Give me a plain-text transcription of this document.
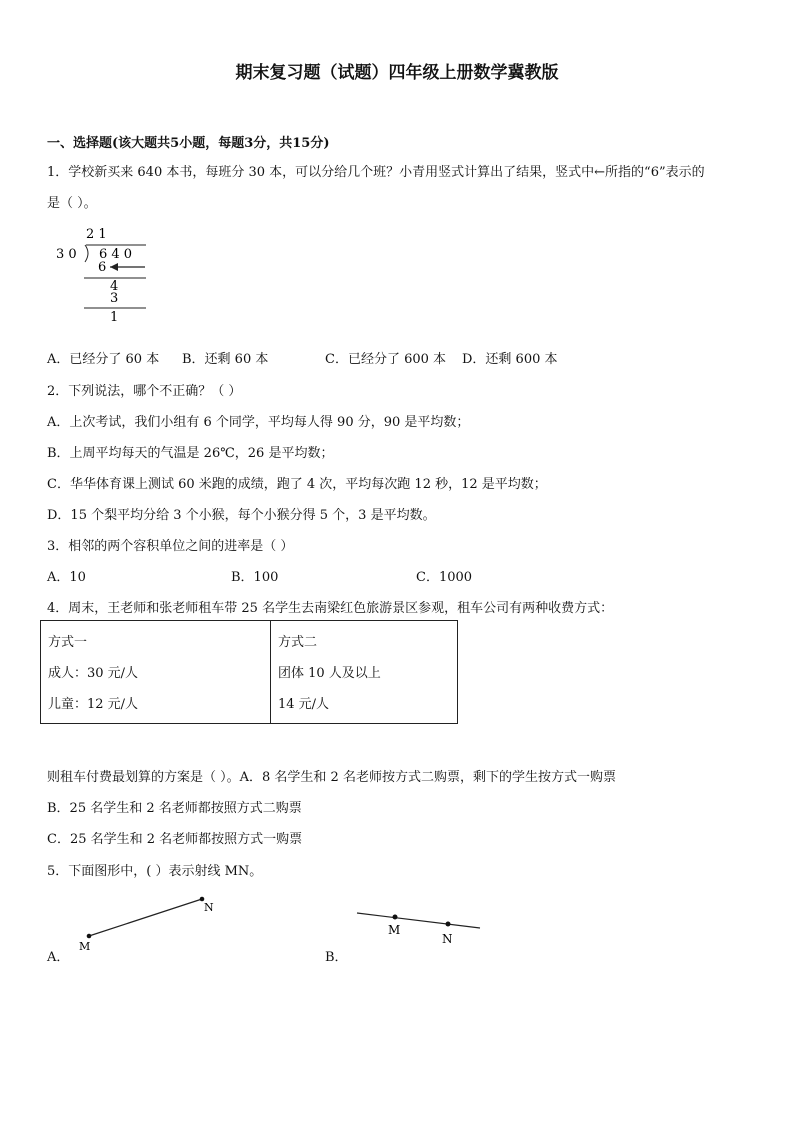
期末复习题（试题）四年级上册数学冀教版
一、选择题(该大题共5小题，每题3分，共15分)
1．学校新买来 640 本书，每班分 30 本，可以分给几个班？小青用竖式计算出了结果，竖式中←所指的“6”表示的
是（ ）。
2 1
3 0 6 4 0
6
4
3
1
A．已经分了 60 本 B．还剩 60 本	C．已经分了 600 本 D．还剩 600 本
2．下列说法，哪个不正确？（ ）
A．上次考试，我们小组有 6 个同学，平均每人得 90 分，90 是平均数；
B．上周平均每天的气温是 26℃，26 是平均数；
C．华华体育课上测试 60 米跑的成绩，跑了 4 次，平均每次跑 12 秒，12 是平均数；
D．15 个梨平均分给 3 个小猴，每个小猴分得 5 个，3 是平均数。
3．相邻的两个容积单位之间的进率是（ ）
A．10	B．100	C．1000
4．周末，王老师和张老师租车带 25 名学生去南梁红色旅游景区参观，租车公司有两种收费方式：
方式一
成人：30 元/人
儿童：12 元/人

方式二
团体 10 人及以上
14 元/人
则租车付费最划算的方案是（ ）。A．8 名学生和 2 名老师按方式二购票，剩下的学生按方式一购票
B．25 名学生和 2 名老师都按照方式二购票
C．25 名学生和 2 名老师都按照方式一购票
5．下面图形中，( ）表示射线 MN。
M
N
A．
M
N
B．
